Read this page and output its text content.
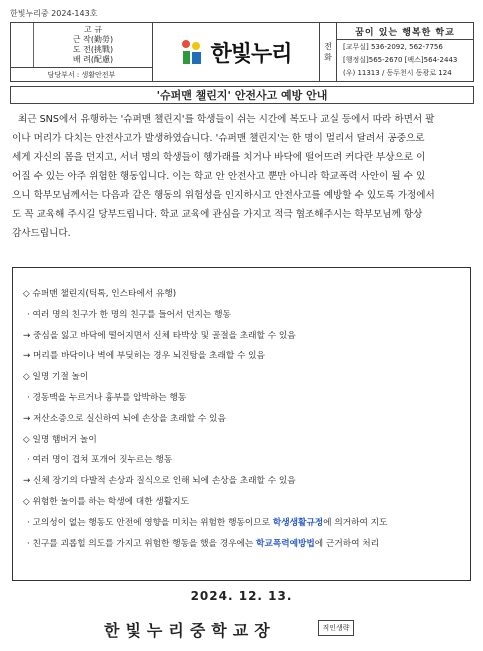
한빛누리중 2024-143호
고 규
근 작(勤勞)
도 전(挑戰)
배 려(配慮)
담당부서 : 생활안전부
한빛누리	전
화
꿈이 있는 행복한 학교
[교무실] 536-2092, 562-7756
[행정실]565-2670 [팩스]564-2443
(우) 11313 / 동두천시 동광로 124
'슈퍼맨 챌린지' 안전사고 예방 안내
최근 SNS에서 유행하는 '슈퍼맨 챌린지'를 학생들이 쉬는 시간에 복도나 교실 등에서 따라 하면서 팔
이나 머리가 다치는 안전사고가 발생하였습니다. '슈퍼맨 챌린지'는 한 명이 멀리서 달려서 공중으로
세게 자신의 몸을 던지고, 서너 명의 학생들이 헹가래를 치거나 바닥에 떨어뜨려 커다란 부상으로 이
어질 수 있는 아주 위험한 행동입니다. 이는 학교 안 안전사고 뿐만 아니라 학교폭력 사안이 될 수 있
으니 학부모님께서는 다음과 같은 행동의 위험성을 인지하시고 안전사고를 예방할 수 있도록 가정에서
도 꼭 교육해 주시길 당부드립니다. 학교 교육에 관심을 가지고 적극 협조해주시는 학부모님께 항상
감사드립니다.
◇ 슈퍼맨 챌린지(틱톡, 인스타에서 유행)
· 여러 명의 친구가 한 명의 친구를 들어서 던지는 행동
→ 중심을 잃고 바닥에 떨어지면서 신체 타박상 및 골절을 초래할 수 있음
→ 머리를 바닥이나 벽에 부딪히는 경우 뇌진탕을 초래할 수 있음
◇ 일명 기절 놀이
· 경동맥을 누르거나 흉부를 압박하는 행동
→ 저산소증으로 실신하여 뇌에 손상을 초래할 수 있음
◇ 일명 햄버거 놀이
· 여러 명이 겹쳐 포개어 짓누르는 행동
→ 신체 장기의 다발적 손상과 질식으로 인해 뇌에 손상을 초래할 수 있음
◇ 위험한 놀이를 하는 학생에 대한 생활지도
· 고의성이 없는 행동도 안전에 영향을 미치는 위험한 행동이므로 학생생활규정에 의거하여 지도
· 친구를 괴롭힐 의도를 가지고 위험한 행동을 했을 경우에는 학교폭력예방법에 근거하여 처리
2024. 12. 13.
한빛누리중학교장	직인생략
